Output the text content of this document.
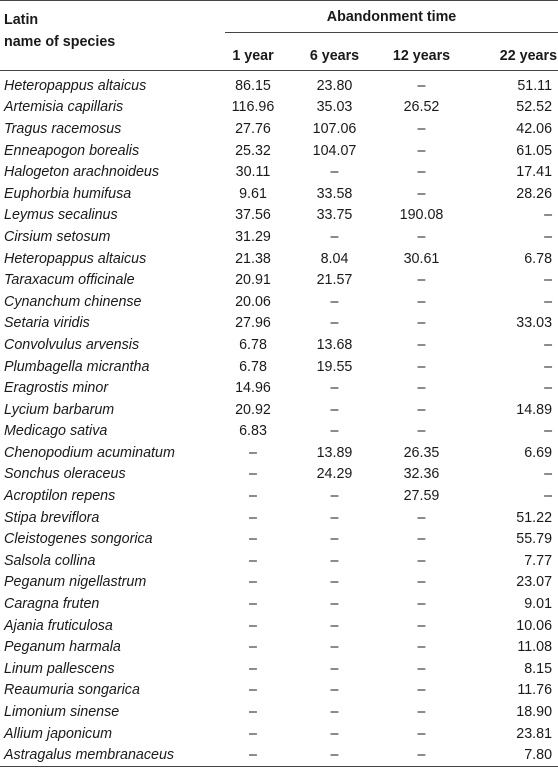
Latin
name of species	Abandonment time			

	1 year	6 years	12 years	22 years
Heteropappus altaicus	86.15	23.80	–	51.11
Artemisia capillaris	116.96	35.03	26.52	52.52
Tragus racemosus	27.76	107.06	–	42.06
Enneapogon borealis	25.32	104.07	–	61.05
Halogeton arachnoideus	30.11	–	–	17.41
Euphorbia humifusa	9.61	33.58	–	28.26
Leymus secalinus	37.56	33.75	190.08	–
Cirsium setosum	31.29	–	–	–
Heteropappus altaicus	21.38	8.04	30.61	6.78
Taraxacum officinale	20.91	21.57	–	–
Cynanchum chinense	20.06	–	–	–
Setaria viridis	27.96	–	–	33.03
Convolvulus arvensis	6.78	13.68	–	–
Plumbagella micrantha	6.78	19.55	–	–
Eragrostis minor	14.96	–	–	–
Lycium barbarum	20.92	–	–	14.89
Medicago sativa	6.83	–	–	–
Chenopodium acuminatum	–	13.89	26.35	6.69
Sonchus oleraceus	–	24.29	32.36	–
Acroptilon repens	–	–	27.59	–
Stipa breviflora	–	–	–	51.22
Cleistogenes songorica	–	–	–	55.79
Salsola collina	–	–	–	7.77
Peganum nigellastrum	–	–	–	23.07
Caragna fruten	–	–	–	9.01
Ajania fruticulosa	–	–	–	10.06
Peganum harmala	–	–	–	11.08
Linum pallescens	–	–	–	8.15
Reaumuria songarica	–	–	–	11.76
Limonium sinense	–	–	–	18.90
Allium japonicum	–	–	–	23.81
Astragalus membranaceus	–	–	–	7.80
